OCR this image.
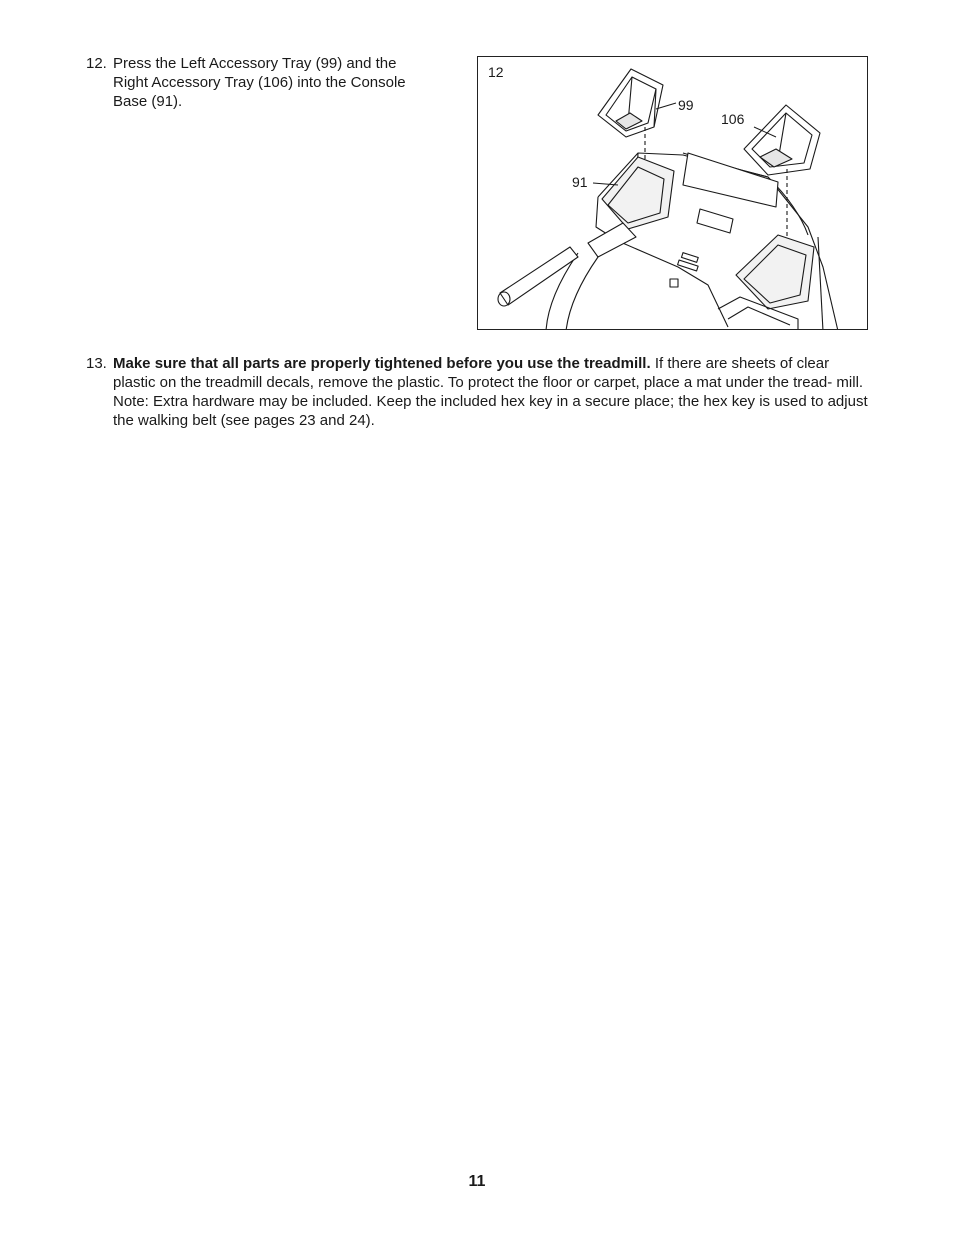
12. Press the Left Accessory Tray (99) and the Right Accessory Tray (106) into the Console Base (91).
12
99
106
91
13. Make sure that all parts are properly tightened before you use the treadmill. If there are sheets of clear plastic on the treadmill decals, remove the plastic. To protect the floor or carpet, place a mat under the tread- mill. Note: Extra hardware may be included. Keep the included hex key in a secure place; the hex key is used to adjust the walking belt (see pages 23 and 24).
11
